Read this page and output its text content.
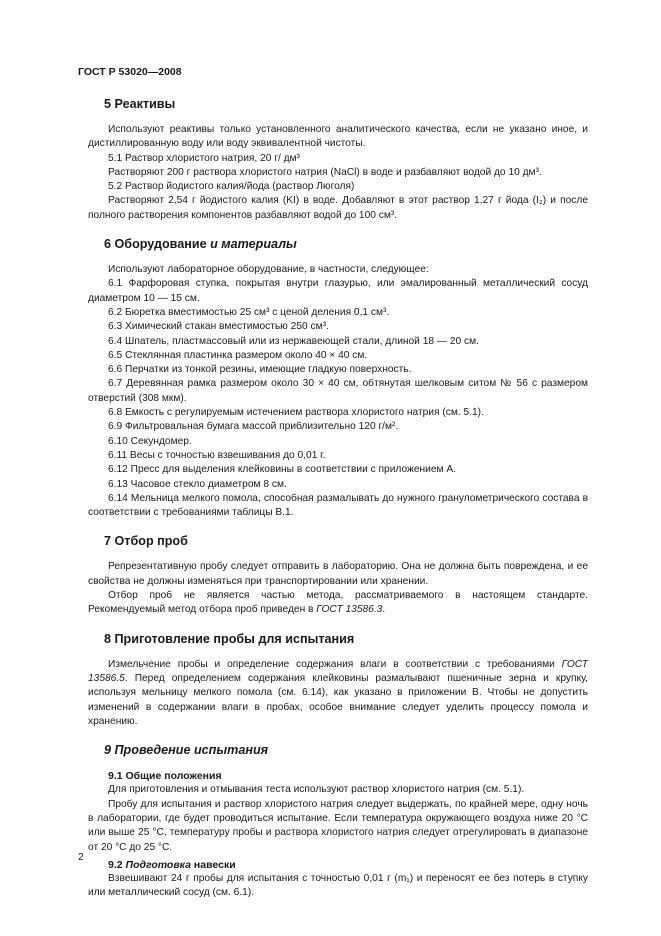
ГОСТ Р 53020—2008
5 Реактивы

Используют реактивы только установленного аналитического качества, если не указано иное, и дистиллированную воду или воду эквивалентной чистоты.

5.1 Раствор хлористого натрия, 20 г/ дм³

Растворяют 200 г раствора хлористого натрия (NaCl) в воде и разбавляют водой до 10 дм³.

5.2 Раствор йодистого калия/йода (раствор Люголя)

Растворяют 2,54 г йодистого калия (KI) в воде. Добавляют в этот раствор 1,27 г йода (I₂) и после полного растворения компонентов разбавляют водой до 100 см³.

6 Оборудование и материалы

Используют лабораторное оборудование, в частности, следующее:

6.1 Фарфоровая ступка, покрытая внутри глазурью, или эмалированный металлический сосуд диаметром 10 — 15 см.

6.2 Бюретка вместимостью 25 см³ с ценой деления 0,1 см³.

6.3 Химический стакан вместимостью 250 см³.

6.4 Шпатель, пластмассовый или из нержавеющей стали, длиной 18 — 20 см.

6.5 Стеклянная пластинка размером около 40 × 40 см.

6.6 Перчатки из тонкой резины, имеющие гладкую поверхность.

6.7 Деревянная рамка размером около 30 × 40 см, обтянутая шелковым ситом № 56 с размером отверстий (308 мкм).

6.8 Емкость с регулируемым истечением раствора хлористого натрия (см. 5.1).

6.9 Фильтровальная бумага массой приблизительно 120 г/м².

6.10 Секундомер.

6.11 Весы с точностью взвешивания до 0,01 г.

6.12 Пресс для выделения клейковины в соответствии с приложением А.

6.13 Часовое стекло диаметром 8 см.

6.14 Мельница мелкого помола, способная размалывать до нужного гранулометрического состава в соответствии с требованиями таблицы В.1.

7 Отбор проб

Репрезентативную пробу следует отправить в лабораторию. Она не должна быть повреждена, и ее свойства не должны изменяться при транспортировании или хранении.

Отбор проб не является частью метода, рассматриваемого в настоящем стандарте. Рекомендуемый метод отбора проб приведен в ГОСТ 13586.3.

8 Приготовление пробы для испытания

Измельчение пробы и определение содержания влаги в соответствии с требованиями ГОСТ 13586.5. Перед определением содержания клейковины размалывают пшеничные зерна и крупку, используя мельницу мелкого помола (см. 6.14), как указано в приложении В. Чтобы не допустить изменений в содержании влаги в пробах, особое внимание следует уделить процессу помола и хранению.

9 Проведение испытания
9.1 Общие положения

Для приготовления и отмывания теста используют раствор хлористого натрия (см. 5.1).

Пробу для испытания и раствор хлористого натрия следует выдержать, по крайней мере, одну ночь в лаборатории, где будет проводиться испытание. Если температура окружающего воздуха ниже 20 °С или выше 25 °С, температуру пробы и раствора хлористого натрия следует отрегулировать в диапазоне от 20 °С до 25 °С.

9.2 Подготовка навески

Взвешивают 24 г пробы для испытания с точностью 0,01 г (m₁) и переносят ее без потерь в ступку или металлический сосуд (см. 6.1).

2
